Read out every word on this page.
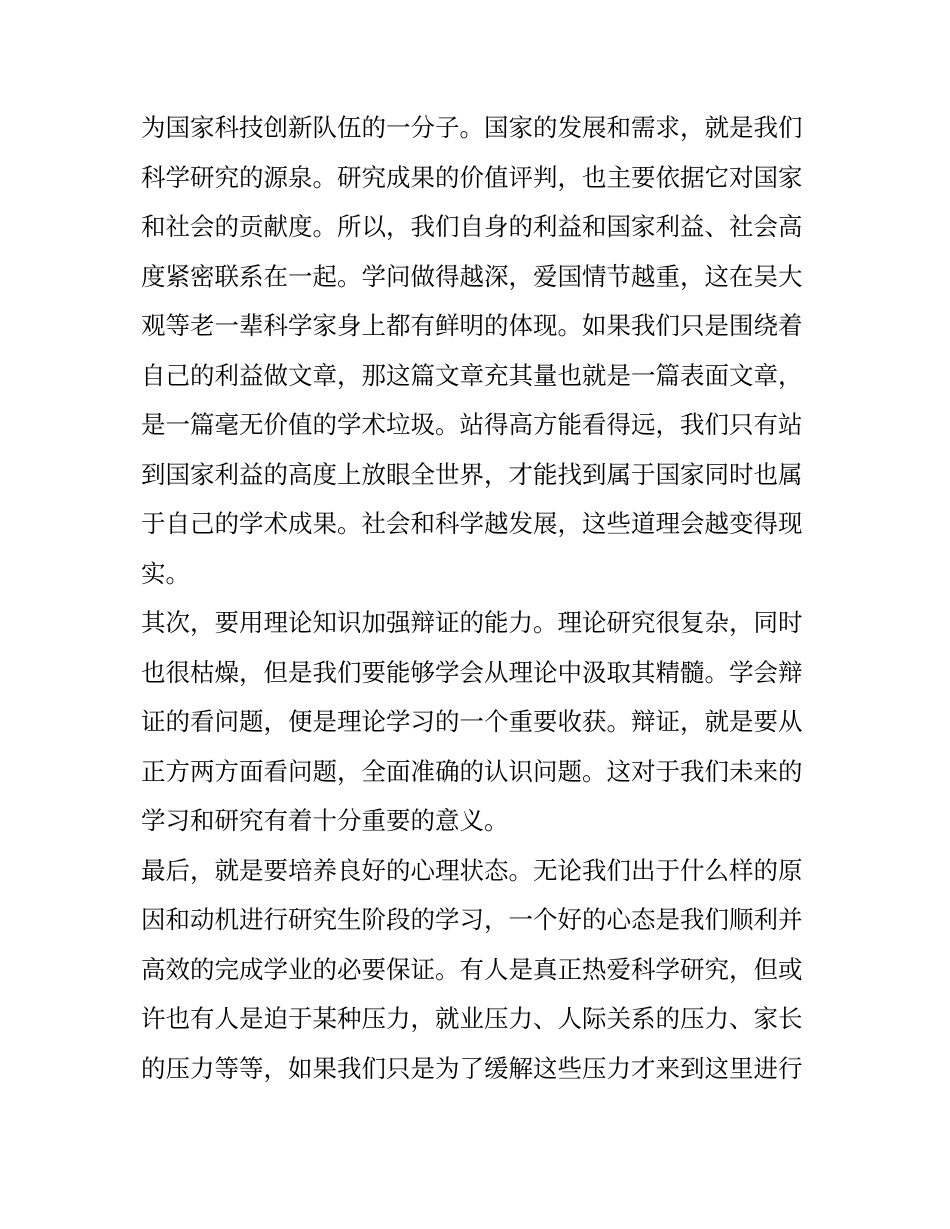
为国家科技创新队伍的一分子。国家的发展和需求，就是我们
科学研究的源泉。研究成果的价值评判，也主要依据它对国家
和社会的贡献度。所以，我们自身的利益和国家利益、社会高
度紧密联系在一起。学问做得越深，爱国情节越重，这在吴大
观等老一辈科学家身上都有鲜明的体现。如果我们只是围绕着
自己的利益做文章，那这篇文章充其量也就是一篇表面文章，
是一篇毫无价值的学术垃圾。站得高方能看得远，我们只有站
到国家利益的高度上放眼全世界，才能找到属于国家同时也属
于自己的学术成果。社会和科学越发展，这些道理会越变得现
实。
其次，要用理论知识加强辩证的能力。理论研究很复杂，同时
也很枯燥，但是我们要能够学会从理论中汲取其精髓。学会辩
证的看问题，便是理论学习的一个重要收获。辩证，就是要从
正方两方面看问题，全面准确的认识问题。这对于我们未来的
学习和研究有着十分重要的意义。
最后，就是要培养良好的心理状态。无论我们出于什么样的原
因和动机进行研究生阶段的学习，一个好的心态是我们顺利并
高效的完成学业的必要保证。有人是真正热爱科学研究，但或
许也有人是迫于某种压力，就业压力、人际关系的压力、家长
的压力等等，如果我们只是为了缓解这些压力才来到这里进行
